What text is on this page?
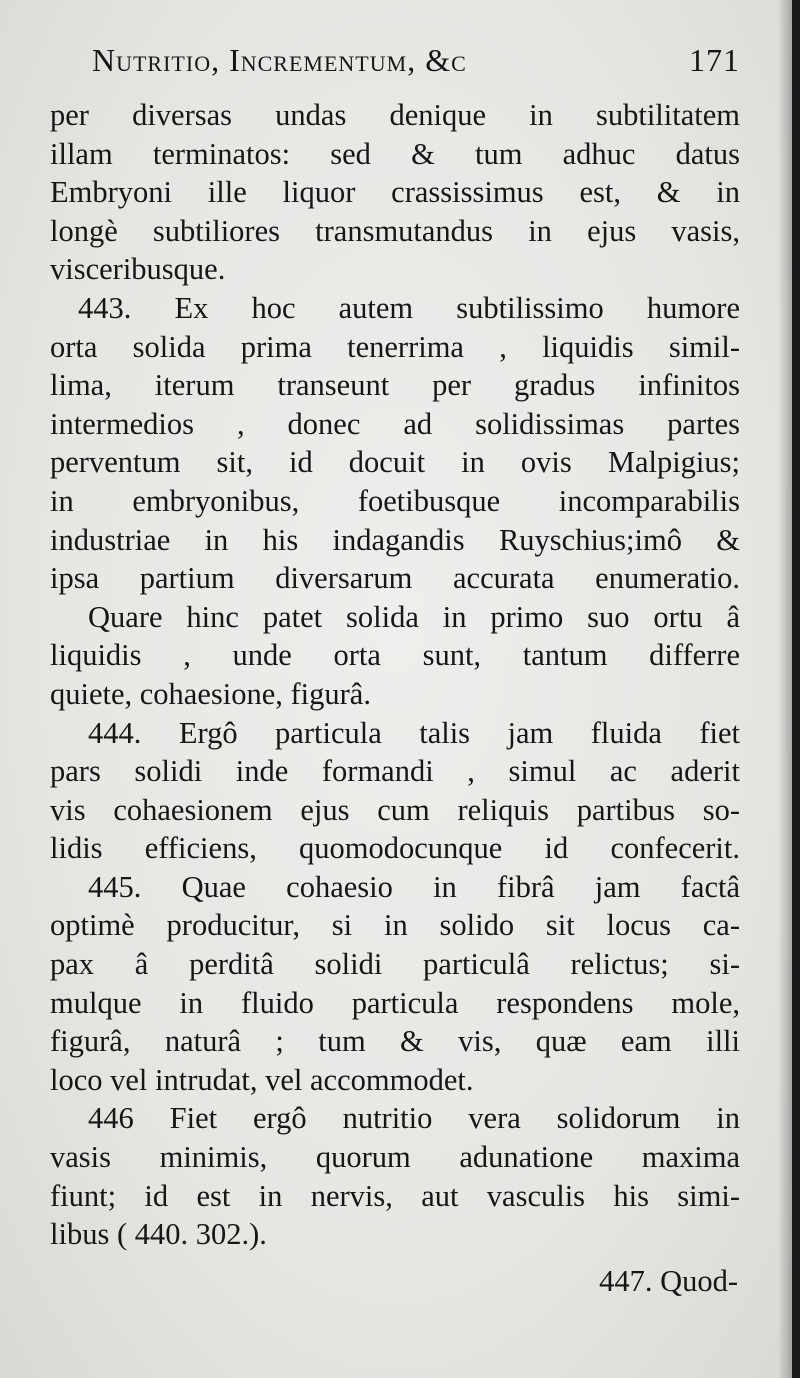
Nutritio, Incrementum, &c	171
per diversas undas denique in subtilitatem
illam terminatos: sed & tum adhuc datus
Embryoni ille liquor crassissimus est, & in
longè subtiliores transmutandus in ejus vasis,
visceribusque.
443. Ex hoc autem subtilissimo humore
orta solida prima tenerrima , liquidis simil-
lima, iterum transeunt per gradus infinitos
intermedios , donec ad solidissimas partes
perventum sit, id docuit in ovis Malpigius;
in embryonibus, foetibusque incomparabilis
industriae in his indagandis Ruyschius;imô &
ipsa partium diversarum accurata enumeratio.
Quare hinc patet solida in primo suo ortu â
liquidis , unde orta sunt, tantum differre
quiete, cohaesione, figurâ.
444. Ergô particula talis jam fluida fiet
pars solidi inde formandi , simul ac aderit
vis cohaesionem ejus cum reliquis partibus so-
lidis efficiens, quomodocunque id confecerit.
445. Quae cohaesio in fibrâ jam factâ
optimè producitur, si in solido sit locus ca-
pax â perditâ solidi particulâ relictus; si-
mulque in fluido particula respondens mole,
figurâ, naturâ ; tum & vis, quæ eam illi
loco vel intrudat, vel accommodet.
446 Fiet ergô nutritio vera solidorum in
vasis minimis, quorum adunatione maxima
fiunt; id est in nervis, aut vasculis his simi-
libus ( 440. 302.).
447. Quod-
